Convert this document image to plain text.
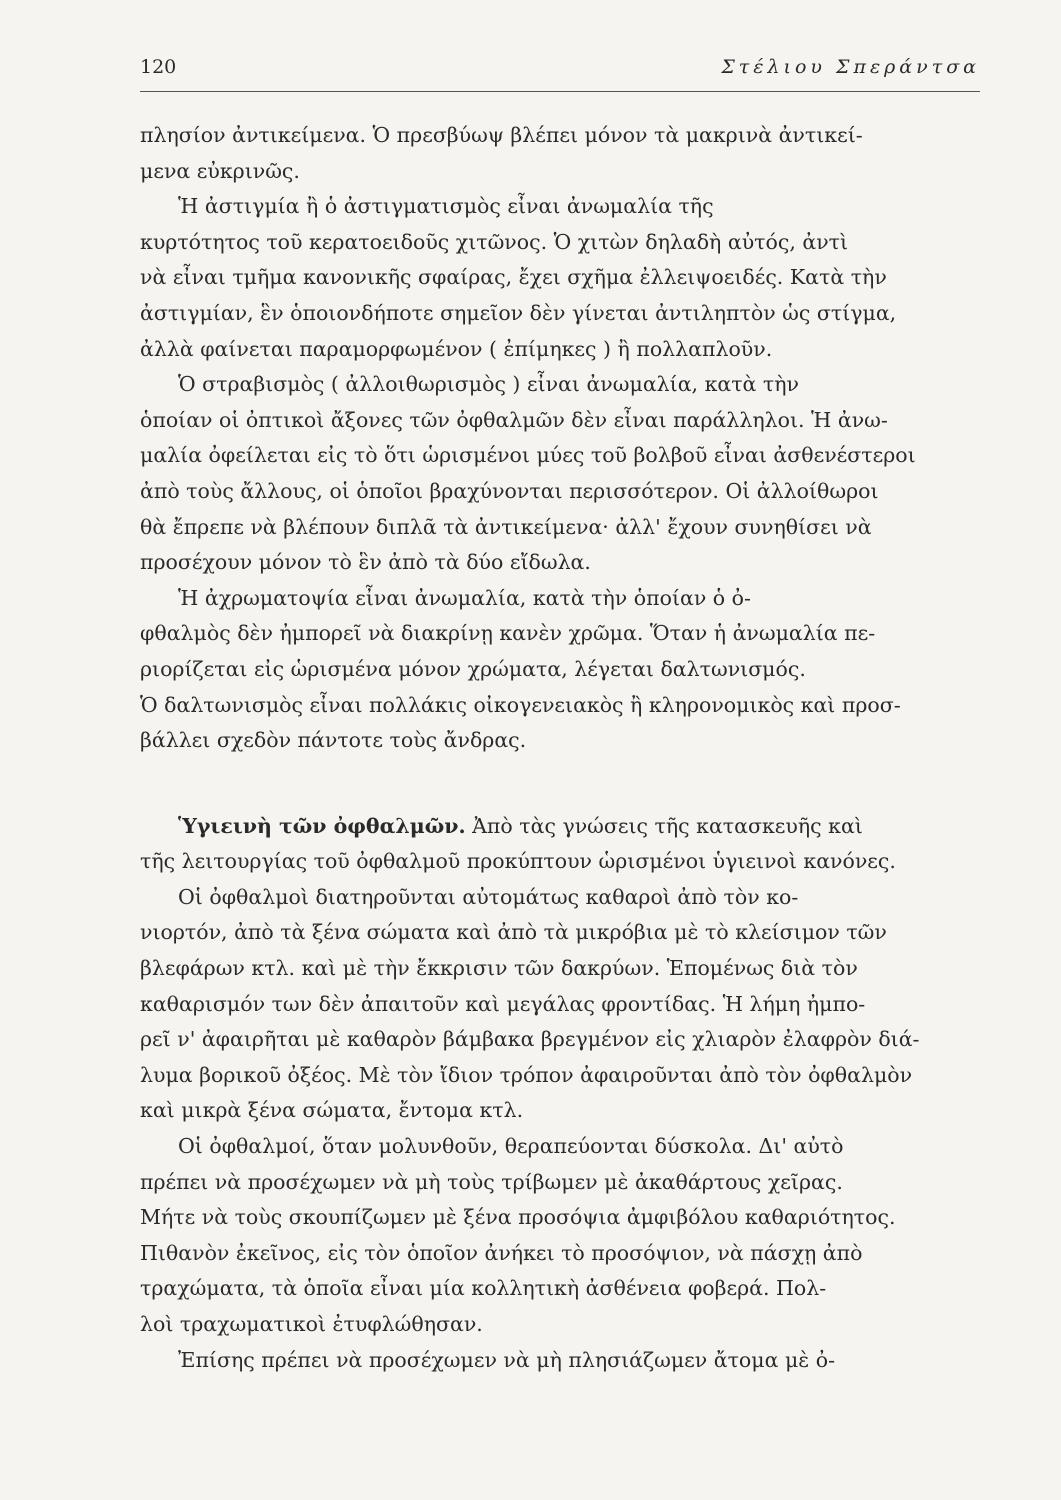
120	Στέλιου Σπεράντσα

πλησίον ἀντικείμενα. Ὁ πρεσβύωψ βλέπει μόνον τὰ μακρινὰ ἀντικεί-
μενα εὐκρινῶς.

Ἡ ἀστιγμία ἢ ὁ ἀστιγματισμὸς εἶναι ἀνωμαλία τῆς
κυρτότητος τοῦ κερατοειδοῦς χιτῶνος. Ὁ χιτὼν δηλαδὴ αὐτός, ἀντὶ
νὰ εἶναι τμῆμα κανονικῆς σφαίρας, ἔχει σχῆμα ἐλλειψοειδές. Κατὰ τὴν
ἀστιγμίαν, ἓν ὁποιονδήποτε σημεῖον δὲν γίνεται ἀντιληπτὸν ὡς στίγμα,
ἀλλὰ φαίνεται παραμορφωμένον ( ἐπίμηκες ) ἢ πολλαπλοῦν.

Ὁ στραβισμὸς ( ἀλλοιθωρισμὸς ) εἶναι ἀνωμαλία, κατὰ τὴν
ὁποίαν οἱ ὀπτικοὶ ἄξονες τῶν ὀφθαλμῶν δὲν εἶναι παράλληλοι. Ἡ ἀνω-
μαλία ὀφείλεται εἰς τὸ ὅτι ὡρισμένοι μύες τοῦ βολβοῦ εἶναι ἀσθενέστεροι
ἀπὸ τοὺς ἄλλους, οἱ ὁποῖοι βραχύνονται περισσότερον. Οἱ ἀλλοίθωροι
θὰ ἔπρεπε νὰ βλέπουν διπλᾶ τὰ ἀντικείμενα· ἀλλ' ἔχουν συνηθίσει νὰ
προσέχουν μόνον τὸ ἓν ἀπὸ τὰ δύο εἴδωλα.

Ἡ ἀχρωματοψία εἶναι ἀνωμαλία, κατὰ τὴν ὁποίαν ὁ ὀ-
φθαλμὸς δὲν ἠμπορεῖ νὰ διακρίνῃ κανὲν χρῶμα. Ὅταν ἡ ἀνωμαλία πε-
ριορίζεται εἰς ὡρισμένα μόνον χρώματα, λέγεται δαλτωνισμός.
Ὁ δαλτωνισμὸς εἶναι πολλάκις οἰκογενειακὸς ἢ κληρονομικὸς καὶ προσ-
βάλλει σχεδὸν πάντοτε τοὺς ἄνδρας.

Ὑγιεινὴ τῶν ὀφθαλμῶν. Ἀπὸ τὰς γνώσεις τῆς κατασκευῆς καὶ
τῆς λειτουργίας τοῦ ὀφθαλμοῦ προκύπτουν ὡρισμένοι ὑγιεινοὶ κανόνες.

Οἱ ὀφθαλμοὶ διατηροῦνται αὐτομάτως καθαροὶ ἀπὸ τὸν κο-
νιορτόν, ἀπὸ τὰ ξένα σώματα καὶ ἀπὸ τὰ μικρόβια μὲ τὸ κλείσιμον τῶν
βλεφάρων κτλ. καὶ μὲ τὴν ἔκκρισιν τῶν δακρύων. Ἑπομένως διὰ τὸν
καθαρισμόν των δὲν ἀπαιτοῦν καὶ μεγάλας φροντίδας. Ἡ λήμη ἠμπο-
ρεῖ ν' ἀφαιρῆται μὲ καθαρὸν βάμβακα βρεγμένον εἰς χλιαρὸν ἐλαφρὸν διά-
λυμα βορικοῦ ὀξέος. Μὲ τὸν ἴδιον τρόπον ἀφαιροῦνται ἀπὸ τὸν ὀφθαλμὸν
καὶ μικρὰ ξένα σώματα, ἔντομα κτλ.

Οἱ ὀφθαλμοί, ὅταν μολυνθοῦν, θεραπεύονται δύσκολα. Δι' αὐτὸ
πρέπει νὰ προσέχωμεν νὰ μὴ τοὺς τρίβωμεν μὲ ἀκαθάρτους χεῖρας.
Μήτε νὰ τοὺς σκουπίζωμεν μὲ ξένα προσόψια ἀμφιβόλου καθαριότητος.
Πιθανὸν ἐκεῖνος, εἰς τὸν ὁποῖον ἀνήκει τὸ προσόψιον, νὰ πάσχῃ ἀπὸ
τραχώματα, τὰ ὁποῖα εἶναι μία κολλητικὴ ἀσθένεια φοβερά. Πολ-
λοὶ τραχωματικοὶ ἐτυφλώθησαν.

Ἐπίσης πρέπει νὰ προσέχωμεν νὰ μὴ πλησιάζωμεν ἄτομα μὲ ὀ-
